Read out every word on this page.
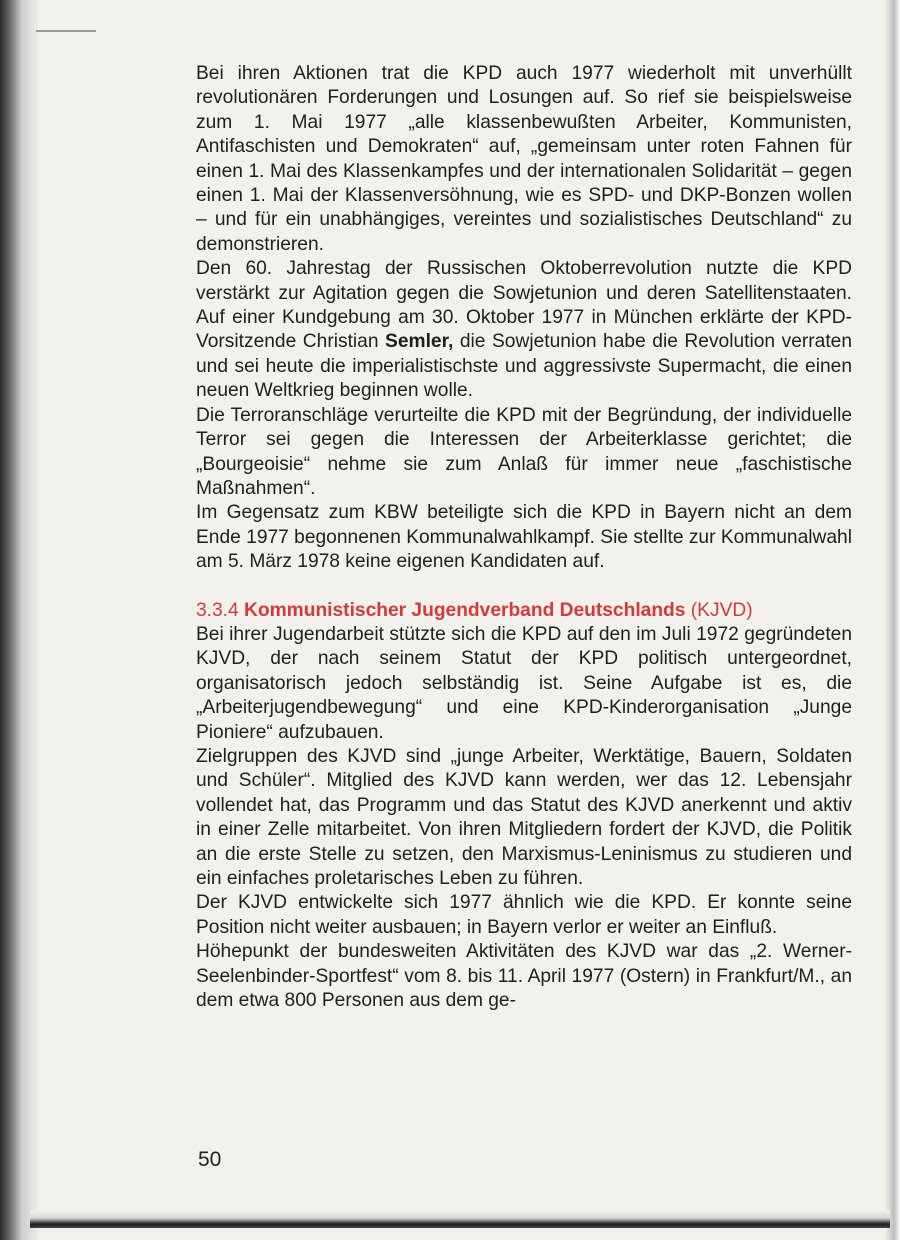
Bei ihren Aktionen trat die KPD auch 1977 wiederholt mit unverhüllt revolutionären Forderungen und Losungen auf. So rief sie beispielsweise zum 1. Mai 1977 „alle klassenbewußten Arbeiter, Kommunisten, Antifaschisten und Demokraten“ auf, „gemeinsam unter roten Fahnen für einen 1. Mai des Klassenkampfes und der internationalen Solidarität – gegen einen 1. Mai der Klassenversöhnung, wie es SPD- und DKP-Bonzen wollen – und für ein unabhängiges, vereintes und sozialistisches Deutschland“ zu demonstrieren.

Den 60. Jahrestag der Russischen Oktoberrevolution nutzte die KPD verstärkt zur Agitation gegen die Sowjetunion und deren Satellitenstaaten. Auf einer Kundgebung am 30. Oktober 1977 in München erklärte der KPD-Vorsitzende Christian Semler, die Sowjetunion habe die Revolution verraten und sei heute die imperialistischste und aggressivste Supermacht, die einen neuen Weltkrieg beginnen wolle.

Die Terroranschläge verurteilte die KPD mit der Begründung, der individuelle Terror sei gegen die Interessen der Arbeiterklasse gerichtet; die „Bourgeoisie“ nehme sie zum Anlaß für immer neue „faschistische Maßnahmen“.

Im Gegensatz zum KBW beteiligte sich die KPD in Bayern nicht an dem Ende 1977 begonnenen Kommunalwahlkampf. Sie stellte zur Kommunalwahl am 5. März 1978 keine eigenen Kandidaten auf.

3.3.4 Kommunistischer Jugendverband Deutschlands (KJVD)

Bei ihrer Jugendarbeit stützte sich die KPD auf den im Juli 1972 gegründeten KJVD, der nach seinem Statut der KPD politisch untergeordnet, organisatorisch jedoch selbständig ist. Seine Aufgabe ist es, die „Arbeiterjugendbewegung“ und eine KPD-Kinderorganisation „Junge Pioniere“ aufzubauen.

Zielgruppen des KJVD sind „junge Arbeiter, Werktätige, Bauern, Soldaten und Schüler“. Mitglied des KJVD kann werden, wer das 12. Lebensjahr vollendet hat, das Programm und das Statut des KJVD anerkennt und aktiv in einer Zelle mitarbeitet. Von ihren Mitgliedern fordert der KJVD, die Politik an die erste Stelle zu setzen, den Marxismus-Leninismus zu studieren und ein einfaches proletarisches Leben zu führen.

Der KJVD entwickelte sich 1977 ähnlich wie die KPD. Er konnte seine Position nicht weiter ausbauen; in Bayern verlor er weiter an Einfluß.

Höhepunkt der bundesweiten Aktivitäten des KJVD war das „2. Werner-Seelenbinder-Sportfest“ vom 8. bis 11. April 1977 (Ostern) in Frankfurt/M., an dem etwa 800 Personen aus dem ge-

50
